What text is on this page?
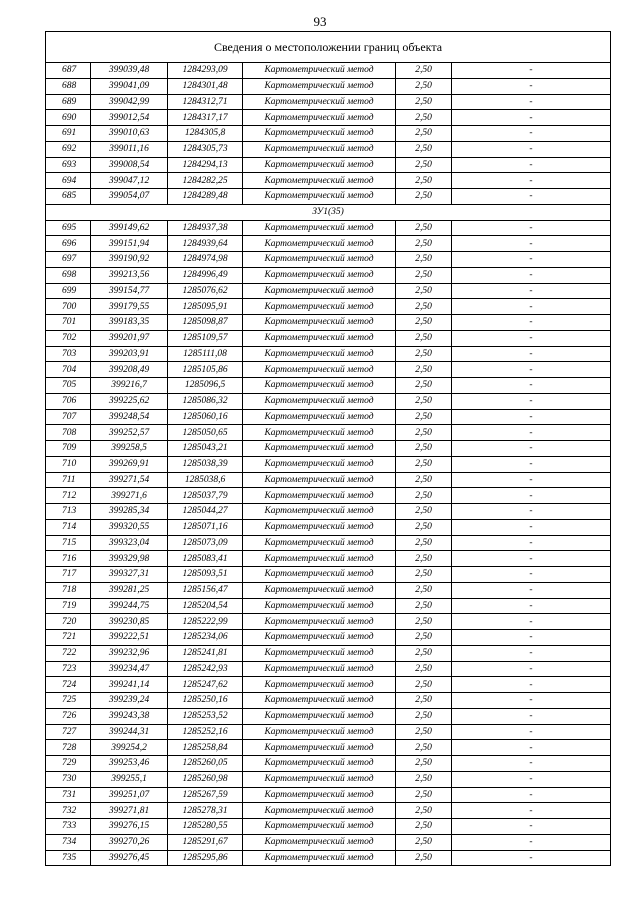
93
Сведения о местоположении границ объекта					
687	399039,48	1284293,09	Картометрический метод	2,50	-
688	399041,09	1284301,48	Картометрический метод	2,50	-
689	399042,99	1284312,71	Картометрический метод	2,50	-
690	399012,54	1284317,17	Картометрический метод	2,50	-
691	399010,63	1284305,8	Картометрический метод	2,50	-
692	399011,16	1284305,73	Картометрический метод	2,50	-
693	399008,54	1284294,13	Картометрический метод	2,50	-
694	399047,12	1284282,25	Картометрический метод	2,50	-
685	399054,07	1284289,48	Картометрический метод	2,50	-
ЗУ1(35)					
695	399149,62	1284937,38	Картометрический метод	2,50	-
696	399151,94	1284939,64	Картометрический метод	2,50	-
697	399190,92	1284974,98	Картометрический метод	2,50	-
698	399213,56	1284996,49	Картометрический метод	2,50	-
699	399154,77	1285076,62	Картометрический метод	2,50	-
700	399179,55	1285095,91	Картометрический метод	2,50	-
701	399183,35	1285098,87	Картометрический метод	2,50	-
702	399201,97	1285109,57	Картометрический метод	2,50	-
703	399203,91	1285111,08	Картометрический метод	2,50	-
704	399208,49	1285105,86	Картометрический метод	2,50	-
705	399216,7	1285096,5	Картометрический метод	2,50	-
706	399225,62	1285086,32	Картометрический метод	2,50	-
707	399248,54	1285060,16	Картометрический метод	2,50	-
708	399252,57	1285050,65	Картометрический метод	2,50	-
709	399258,5	1285043,21	Картометрический метод	2,50	-
710	399269,91	1285038,39	Картометрический метод	2,50	-
711	399271,54	1285038,6	Картометрический метод	2,50	-
712	399271,6	1285037,79	Картометрический метод	2,50	-
713	399285,34	1285044,27	Картометрический метод	2,50	-
714	399320,55	1285071,16	Картометрический метод	2,50	-
715	399323,04	1285073,09	Картометрический метод	2,50	-
716	399329,98	1285083,41	Картометрический метод	2,50	-
717	399327,31	1285093,51	Картометрический метод	2,50	-
718	399281,25	1285156,47	Картометрический метод	2,50	-
719	399244,75	1285204,54	Картометрический метод	2,50	-
720	399230,85	1285222,99	Картометрический метод	2,50	-
721	399222,51	1285234,06	Картометрический метод	2,50	-
722	399232,96	1285241,81	Картометрический метод	2,50	-
723	399234,47	1285242,93	Картометрический метод	2,50	-
724	399241,14	1285247,62	Картометрический метод	2,50	-
725	399239,24	1285250,16	Картометрический метод	2,50	-
726	399243,38	1285253,52	Картометрический метод	2,50	-
727	399244,31	1285252,16	Картометрический метод	2,50	-
728	399254,2	1285258,84	Картометрический метод	2,50	-
729	399253,46	1285260,05	Картометрический метод	2,50	-
730	399255,1	1285260,98	Картометрический метод	2,50	-
731	399251,07	1285267,59	Картометрический метод	2,50	-
732	399271,81	1285278,31	Картометрический метод	2,50	-
733	399276,15	1285280,55	Картометрический метод	2,50	-
734	399270,26	1285291,67	Картометрический метод	2,50	-
735	399276,45	1285295,86	Картометрический метод	2,50	-
